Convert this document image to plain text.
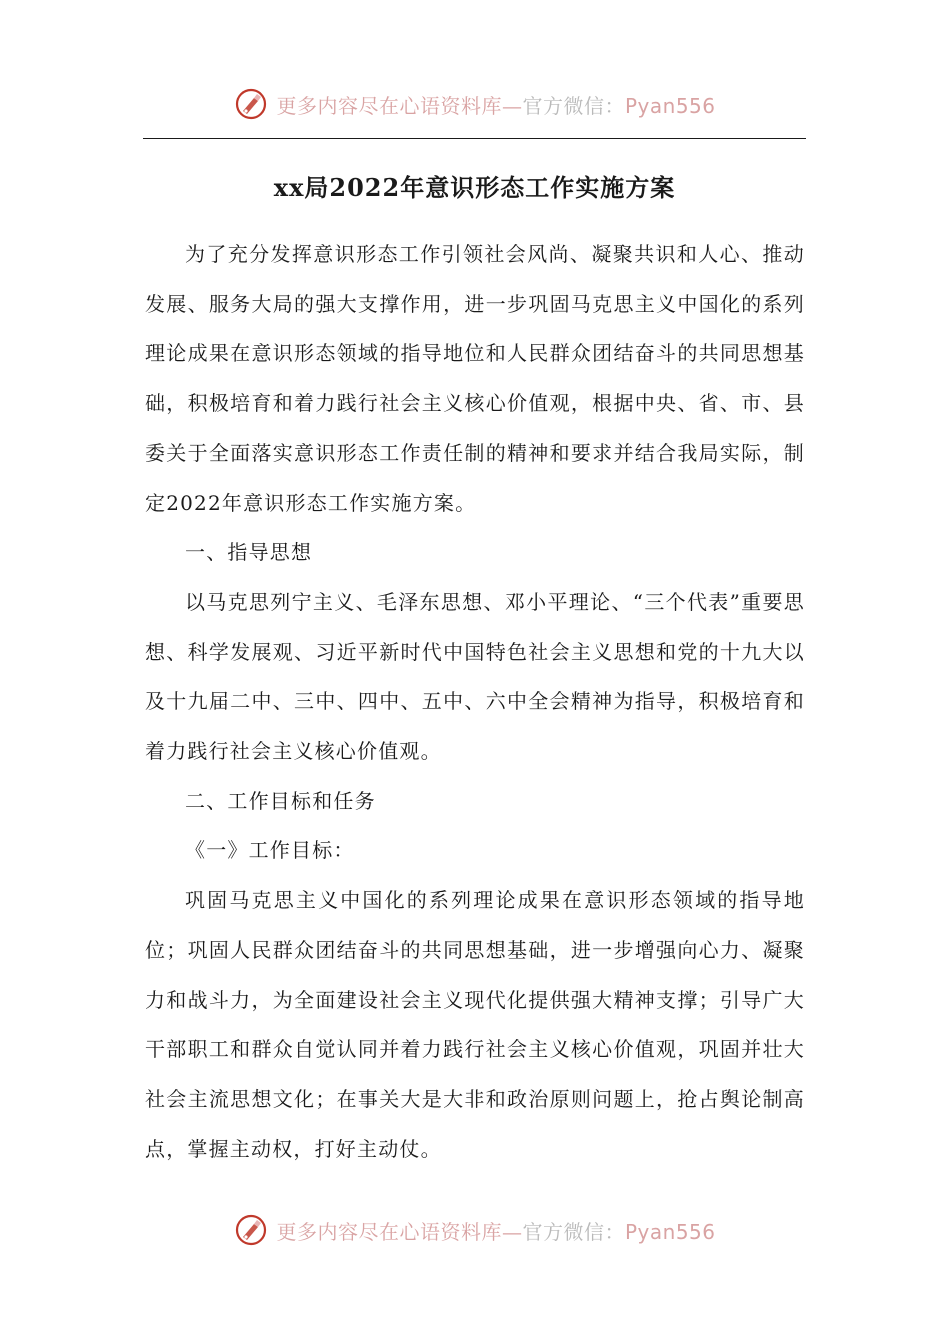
更多内容尽在心语资料库—官方微信：Pyan556
xx局2022年意识形态工作实施方案

为了充分发挥意识形态工作引领社会风尚、凝聚共识和人心、推动发展、服务大局的强大支撑作用，进一步巩固马克思主义中国化的系列理论成果在意识形态领域的指导地位和人民群众团结奋斗的共同思想基础，积极培育和着力践行社会主义核心价值观，根据中央、省、市、县委关于全面落实意识形态工作责任制的精神和要求并结合我局实际，制定2022年意识形态工作实施方案。

一、指导思想

以马克思列宁主义、毛泽东思想、邓小平理论、“三个代表”重要思想、科学发展观、习近平新时代中国特色社会主义思想和党的十九大以及十九届二中、三中、四中、五中、六中全会精神为指导，积极培育和着力践行社会主义核心价值观。

二、工作目标和任务

《一》工作目标：

巩固马克思主义中国化的系列理论成果在意识形态领域的指导地位；巩固人民群众团结奋斗的共同思想基础，进一步增强向心力、凝聚力和战斗力，为全面建设社会主义现代化提供强大精神支撑；引导广大干部职工和群众自觉认同并着力践行社会主义核心价值观，巩固并壮大社会主流思想文化；在事关大是大非和政治原则问题上，抢占舆论制高点，掌握主动权，打好主动仗。

更多内容尽在心语资料库—官方微信：Pyan556
